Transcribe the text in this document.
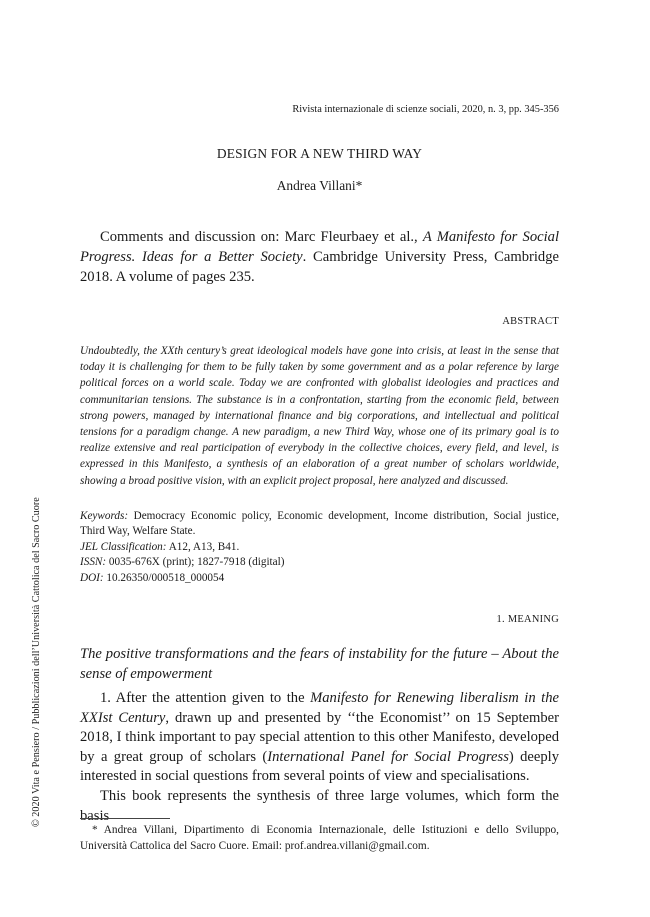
Rivista internazionale di scienze sociali, 2020, n. 3, pp. 345-356
DESIGN FOR A NEW THIRD WAY
Andrea Villani*
Comments and discussion on: Marc Fleurbaey et al., A Manifesto for Social Progress. Ideas for a Better Society. Cambridge University Press, Cambridge 2018. A volume of pages 235.
ABSTRACT
Undoubtedly, the XXth century’s great ideological models have gone into crisis, at least in the sense that today it is challenging for them to be fully taken by some government and as a polar reference by large political forces on a world scale. Today we are confronted with globalist ideologies and practices and communitarian tensions. The substance is in a confrontation, starting from the economic field, between strong powers, managed by international finance and big corporations, and intellectual and political tensions for a paradigm change. A new paradigm, a new Third Way, whose one of its primary goal is to realize extensive and real participation of everybody in the collective choices, every field, and level, is expressed in this Manifesto, a synthesis of an elaboration of a great number of scholars worldwide, showing a broad positive vision, with an explicit project proposal, here analyzed and discussed.

Keywords: Democracy Economic policy, Economic development, Income distribution, Social justice, Third Way, Welfare State.

JEL Classification: A12, A13, B41.

ISSN: 0035-676X (print); 1827-7918 (digital)

DOI: 10.26350/000518_000054

1. MEANING
The positive transformations and the fears of instability for the future – About the sense of empowerment

1. After the attention given to the Manifesto for Renewing liberalism in the XXIst Century, drawn up and presented by ‘‘the Economist’’ on 15 September 2018, I think important to pay special attention to this other Manifesto, developed by a great group of scholars (International Panel for Social Progress) deeply interested in social questions from several points of view and specialisations.

This book represents the synthesis of three large volumes, which form the basis

* Andrea Villani, Dipartimento di Economia Internazionale, delle Istituzioni e dello Sviluppo, Università Cattolica del Sacro Cuore. Email: prof.andrea.villani@gmail.com.
© 2020 Vita e Pensiero / Pubblicazioni dell’Università Cattolica del Sacro Cuore
